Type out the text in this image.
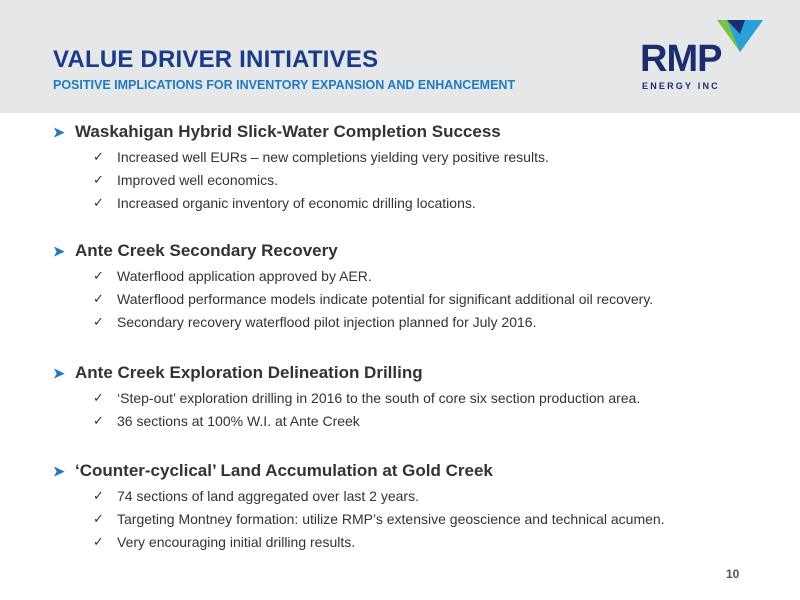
VALUE DRIVER INITIATIVES
POSITIVE IMPLICATIONS FOR INVENTORY EXPANSION AND ENHANCEMENT
RMP
ENERGY INC
➤ Waskahigan Hybrid Slick-Water Completion Success
✓ Increased well EURs – new completions yielding very positive results.
✓ Improved well economics.
✓ Increased organic inventory of economic drilling locations.
➤ Ante Creek Secondary Recovery
✓ Waterflood application approved by AER.
✓ Waterflood performance models indicate potential for significant additional oil recovery.
✓ Secondary recovery waterflood pilot injection planned for July 2016.
➤ Ante Creek Exploration Delineation Drilling
✓ ‘Step-out’ exploration drilling in 2016 to the south of core six section production area.
✓ 36 sections at 100% W.I. at Ante Creek
➤ ‘Counter-cyclical’ Land Accumulation at Gold Creek
✓ 74 sections of land aggregated over last 2 years.
✓ Targeting Montney formation: utilize RMP’s extensive geoscience and technical acumen.
✓ Very encouraging initial drilling results.
10
